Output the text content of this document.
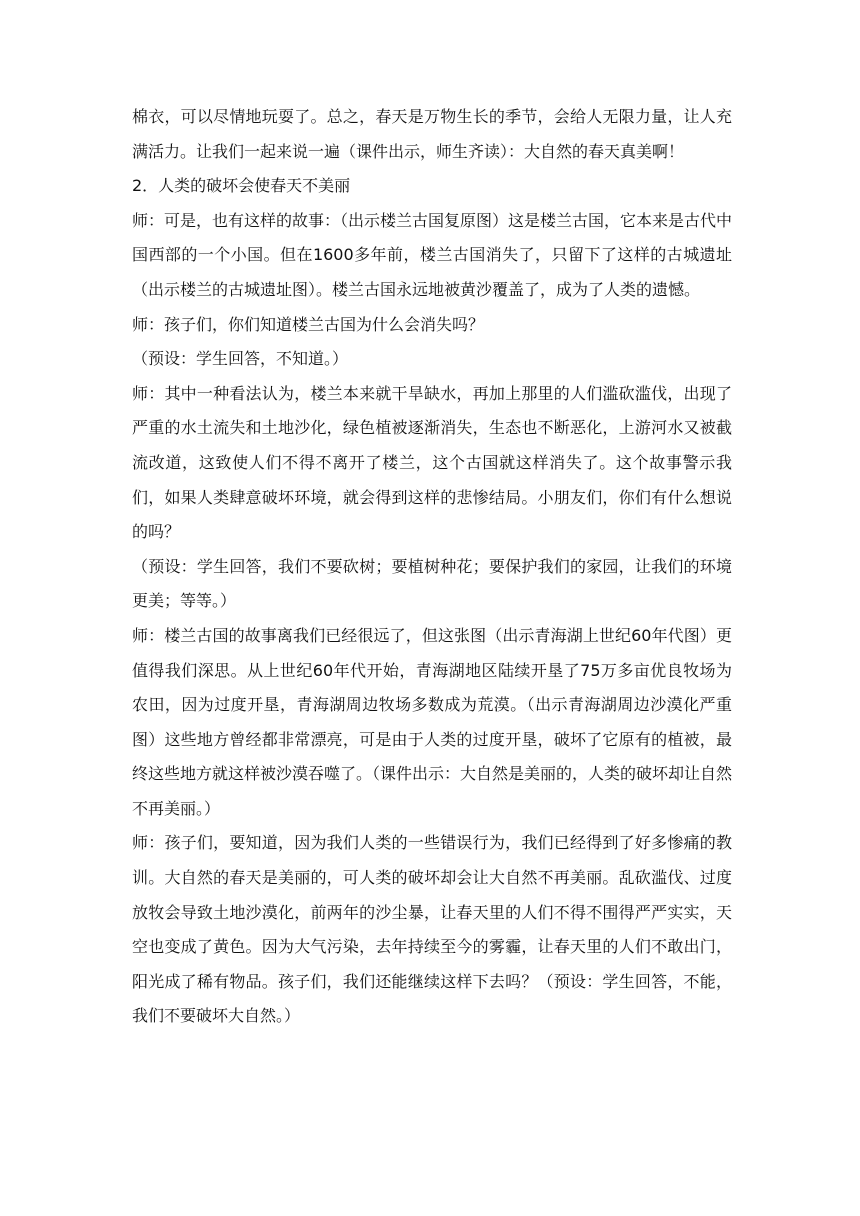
棉衣，可以尽情地玩耍了。总之，春天是万物生长的季节，会给人无限力量，让人充满活力。让我们一起来说一遍（课件出示，师生齐读）：大自然的春天真美啊！

2．人类的破坏会使春天不美丽

师：可是，也有这样的故事：（出示楼兰古国复原图）这是楼兰古国，它本来是古代中国西部的一个小国。但在1600多年前，楼兰古国消失了，只留下了这样的古城遗址（出示楼兰的古城遗址图）。楼兰古国永远地被黄沙覆盖了，成为了人类的遗憾。

师：孩子们，你们知道楼兰古国为什么会消失吗？

（预设：学生回答，不知道。）

师：其中一种看法认为，楼兰本来就干旱缺水，再加上那里的人们滥砍滥伐，出现了严重的水土流失和土地沙化，绿色植被逐渐消失，生态也不断恶化，上游河水又被截流改道，这致使人们不得不离开了楼兰，这个古国就这样消失了。这个故事警示我们，如果人类肆意破坏环境，就会得到这样的悲惨结局。小朋友们，你们有什么想说的吗？

（预设：学生回答，我们不要砍树；要植树种花；要保护我们的家园，让我们的环境更美；等等。）

师：楼兰古国的故事离我们已经很远了，但这张图（出示青海湖上世纪60年代图）更值得我们深思。从上世纪60年代开始，青海湖地区陆续开垦了75万多亩优良牧场为农田，因为过度开垦，青海湖周边牧场多数成为荒漠。（出示青海湖周边沙漠化严重图）这些地方曾经都非常漂亮，可是由于人类的过度开垦，破坏了它原有的植被，最终这些地方就这样被沙漠吞噬了。（课件出示：大自然是美丽的，人类的破坏却让自然不再美丽。）

师：孩子们，要知道，因为我们人类的一些错误行为，我们已经得到了好多惨痛的教训。大自然的春天是美丽的，可人类的破坏却会让大自然不再美丽。乱砍滥伐、过度放牧会导致土地沙漠化，前两年的沙尘暴，让春天里的人们不得不围得严严实实，天空也变成了黄色。因为大气污染，去年持续至今的雾霾，让春天里的人们不敢出门，阳光成了稀有物品。孩子们，我们还能继续这样下去吗？（预设：学生回答，不能，我们不要破坏大自然。）
